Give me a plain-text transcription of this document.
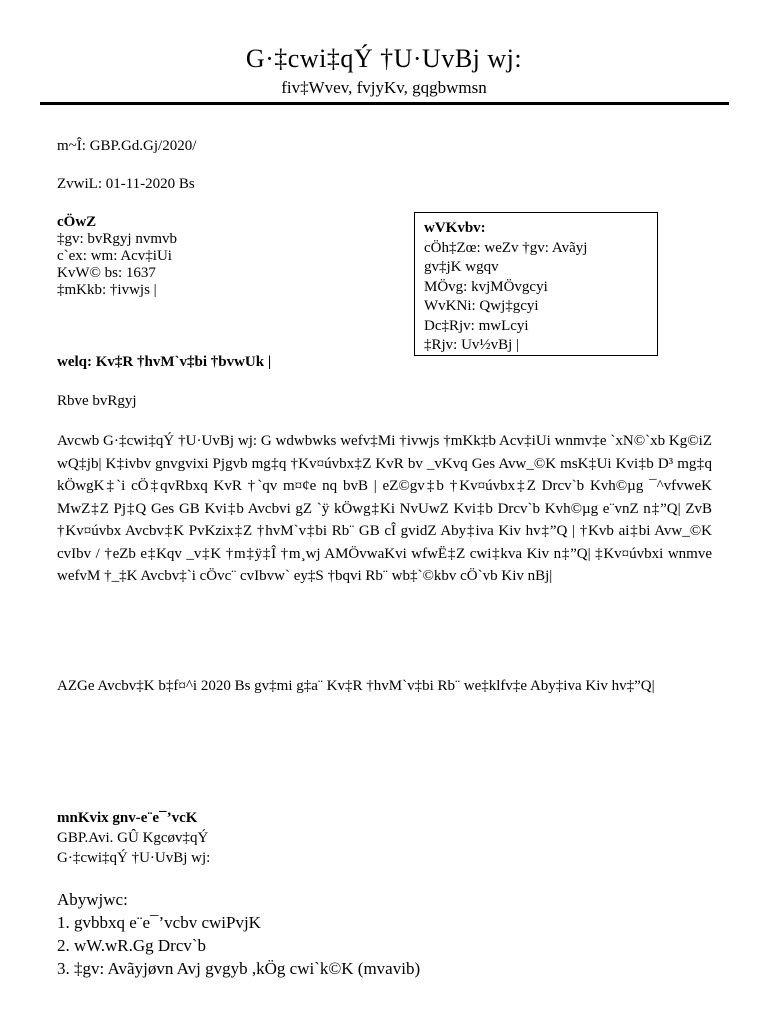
G·‡cwi‡qÝ †U·UvBj wj:
fiv‡Wvev, fvjyKv, gqgbwmsn
m~Î: GBP.Gd.Gj/2020/
ZvwiL: 01-11-2020 Bs
cÖwZ
‡gv: bvRgyj nvmvb
c`ex: wm: Acv‡iUi
KvW© bs: 1637
‡mKkb: †ivwjs |
wVKvbv:
cÖh‡Zœ: weZv †gv: Avãyj
gv‡jK wgqv
MÖvg: kvjMÖvgcyi
WvKNi: Qwj‡gcyi
Dc‡Rjv: mwLcyi
‡Rjv: Uv½vBj |
welq: Kv‡R †hvM`v‡bi †bvwUk |
Rbve bvRgyj
Avcwb G·‡cwi‡qÝ †U·UvBj wj: G wdwbwks wefv‡Mi †ivwjs †mKk‡b Acv‡iUi wnmv‡e `xN©`xb Kg©iZ wQ‡jb| K‡ivbv gnvgvixi Pjgvb mg‡q †Kv¤úvbx‡Z KvR bv _vKvq Ges Avw_©K msK‡Ui Kvi‡b D³ mg‡q kÖwgK‡`i cÖ‡qvRbxq KvR †`qv m¤¢e nq bvB | eZ©gv‡b †Kv¤úvbx‡Z Drcv`b Kvh©µg ¯^vfvweK MwZ‡Z Pj‡Q Ges GB Kvi‡b Avcbvi gZ `ÿ kÖwg‡Ki NvUwZ Kvi‡b Drcv`b Kvh©µg e¨vnZ n‡”Q| ZvB †Kv¤úvbx Avcbv‡K PvKzix‡Z †hvM`v‡bi Rb¨ GB cÎ gvidZ Aby‡iva Kiv hv‡”Q | †Kvb ai‡bi Avw_©K cvIbv / †eZb e‡Kqv _v‡K †m‡ÿ‡Î †m¸wj AMÖvwaKvi wfwË‡Z cwi‡kva Kiv n‡”Q| ‡Kv¤úvbxi wnmve wefvM †_‡K Avcbv‡`i cÖvc¨ cvIbvw` ey‡S †bqvi Rb¨ wb‡`©kbv cÖ`vb Kiv nBj|
AZGe Avcbv‡K b‡f¤^i 2020 Bs gv‡mi g‡a¨ Kv‡R †hvM`v‡bi Rb¨ we‡klfv‡e Aby‡iva Kiv hv‡”Q|
mnKvix gnv-e¨e¯’vcK
GBP.Avi. GÛ Kgcøv‡qÝ
G·‡cwi‡qÝ †U·UvBj wj:
Abywjwc:
1. gvbbxq e¨e¯’vcbv cwiPvjK
2. wW.wR.Gg Drcv`b
3. ‡gv: Avãyjøvn Avj gvgyb ,kÖg cwi`k©K (mvavib)
